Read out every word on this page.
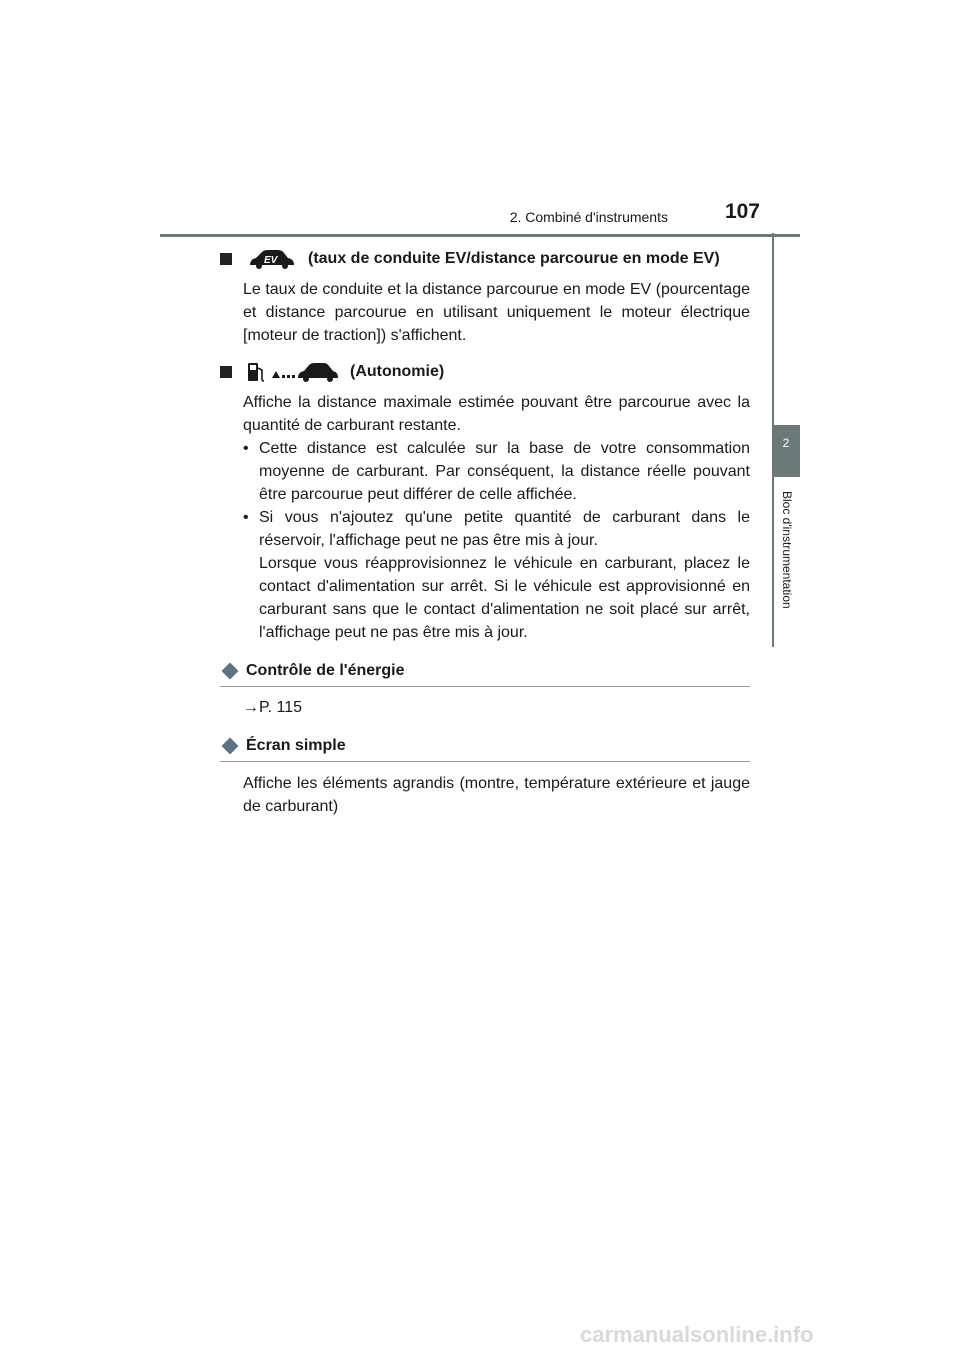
2. Combiné d'instruments	107
2
Bloc d'instrumentation
EV (taux de conduite EV/distance parcourue en mode EV)
Le taux de conduite et la distance parcourue en mode EV (pourcentage et distance parcourue en utilisant uniquement le moteur électrique [moteur de traction]) s'affichent.
(Autonomie)
Affiche la distance maximale estimée pouvant être parcourue avec la quantité de carburant restante.
• Cette distance est calculée sur la base de votre consommation moyenne de carburant. Par conséquent, la distance réelle pouvant être parcourue peut différer de celle affichée.
• Si vous n'ajoutez qu'une petite quantité de carburant dans le réservoir, l'affichage peut ne pas être mis à jour.
Lorsque vous réapprovisionnez le véhicule en carburant, placez le contact d'alimentation sur arrêt. Si le véhicule est approvisionné en carburant sans que le contact d'alimentation ne soit placé sur arrêt, l'affichage peut ne pas être mis à jour.
Contrôle de l'énergie
→P. 115
Écran simple
Affiche les éléments agrandis (montre, température extérieure et jauge de carburant)
carmanualsonline.info
